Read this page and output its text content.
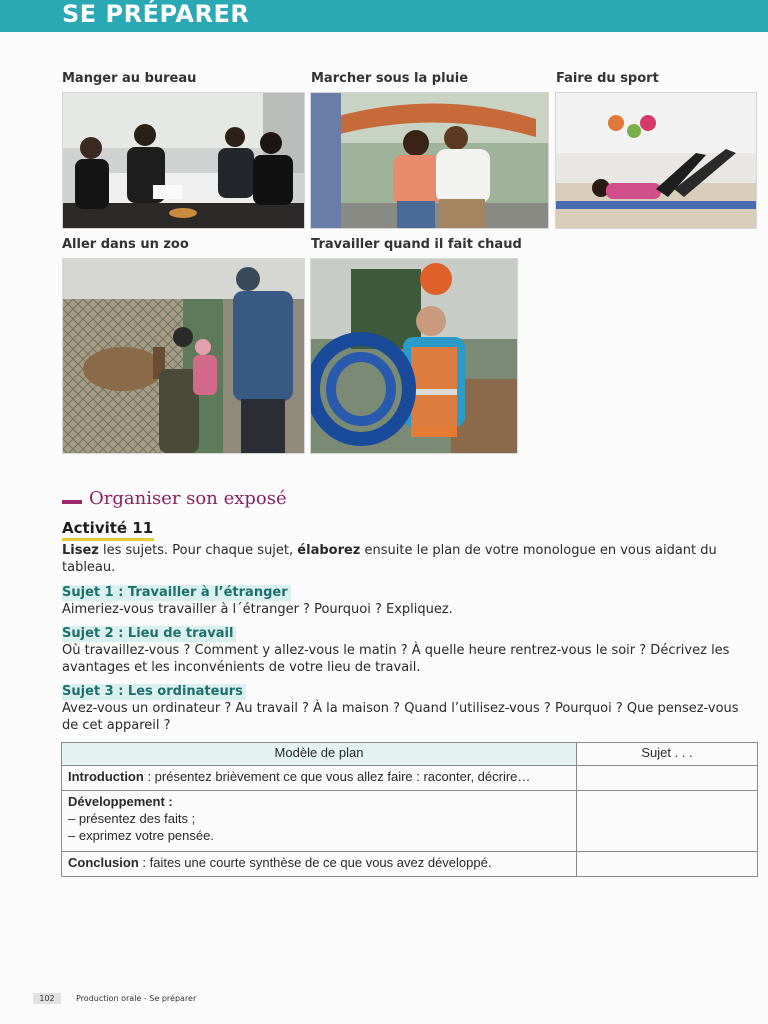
SE PRÉPARER
Manger au bureau	Marcher sous la pluie	Faire du sport
Aller dans un zoo	Travailler quand il fait chaud
Organiser son exposé
Activité 11
Lisez les sujets. Pour chaque sujet, élaborez ensuite le plan de votre monologue en vous aidant du tableau.
Sujet 1 : Travailler à l’étranger
Aimeriez-vous travailler à l´étranger ? Pourquoi ? Expliquez.
Sujet 2 : Lieu de travail
Où travaillez-vous ? Comment y allez-vous le matin ? À quelle heure rentrez-vous le soir ? Décrivez les avantages et les inconvénients de votre lieu de travail.
Sujet 3 : Les ordinateurs
Avez-vous un ordinateur ? Au travail ? À la maison ? Quand l’utilisez-vous ? Pourquoi ? Que pensez-vous de cet appareil ?
Modèle de plan	Sujet . . .
Introduction : présentez brièvement ce que vous allez faire : raconter, décrire…	

Développement :
– présentez des faits ;
– exprimez votre pensée.	

Conclusion : faites une courte synthèse de ce que vous avez développé.	
102	Production orale - Se préparer
